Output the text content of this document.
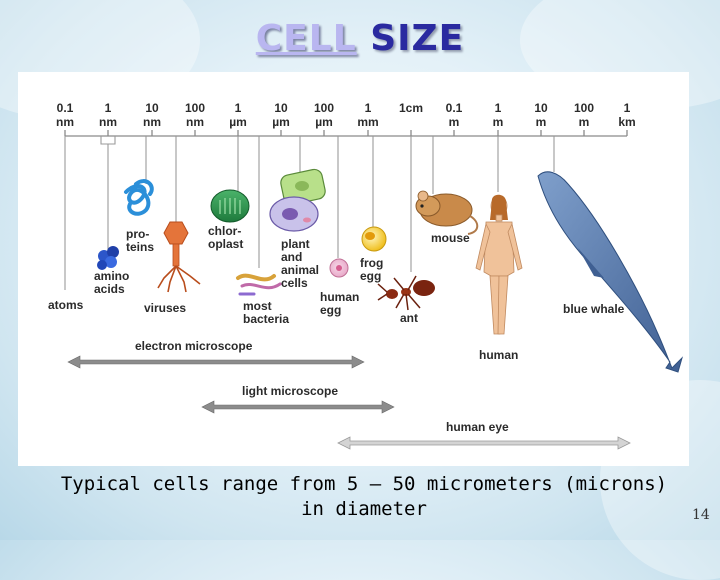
CELL SIZE
0.1
nm
1
nm
10
nm
100
nm
1
µm
10
µm
100
µm
1
mm
1cm 0.1
m
1
m
10
m
100
m
1
km
atoms
amino
acids
pro-
teins
viruses
chlor-
oplast
most
bacteria
plant
and
animal
cells
human
egg
frog
egg
ant
mouse
human
blue whale
electron microscope
light microscope
human eye
Typical cells range from 5 – 50 micrometers (microns)
in diameter	14
